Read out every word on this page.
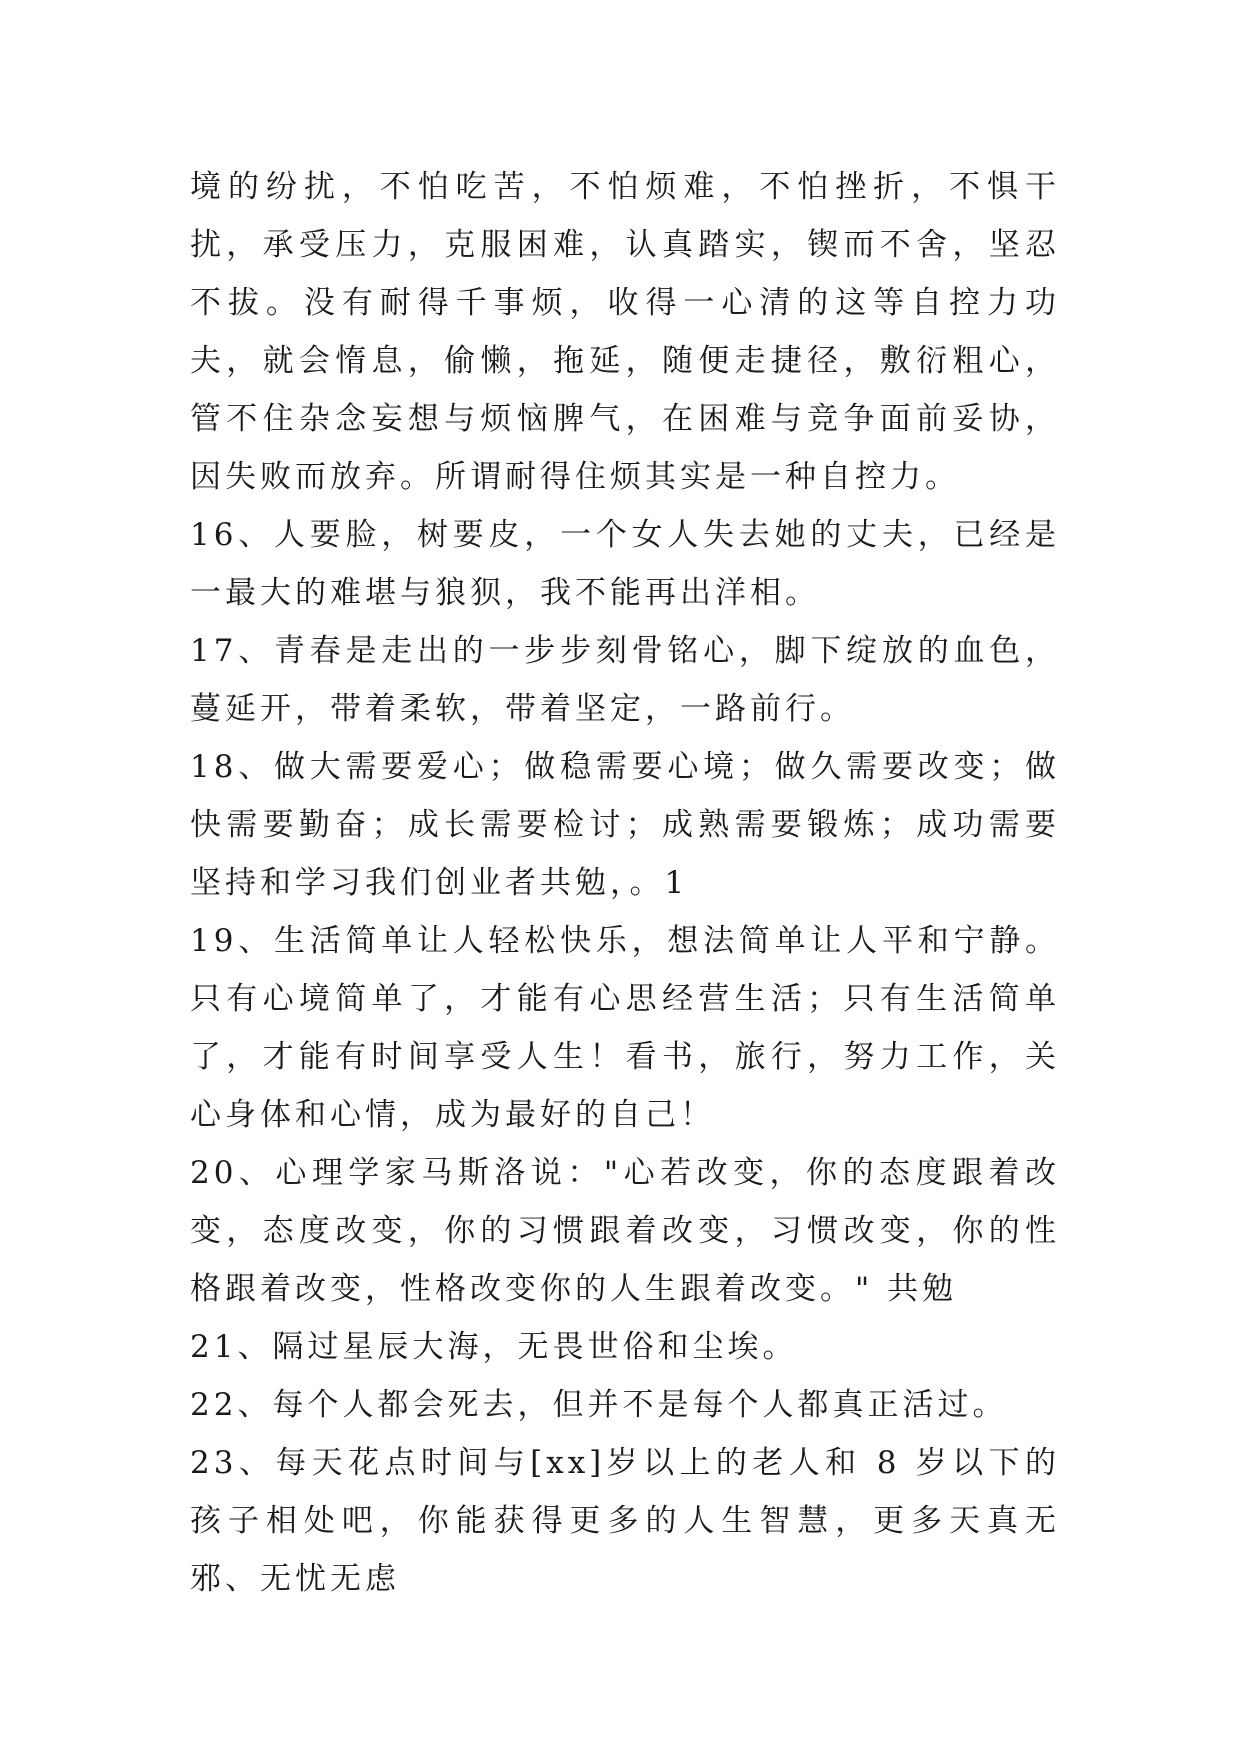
境的纷扰，不怕吃苦，不怕烦难，不怕挫折，不惧干扰，承受压力，克服困难，认真踏实，锲而不舍，坚忍不拔。没有耐得千事烦，收得一心清的这等自控力功夫，就会惰息，偷懒，拖延，随便走捷径，敷衍粗心，管不住杂念妄想与烦恼脾气，在困难与竞争面前妥协，因失败而放弃。所谓耐得住烦其实是一种自控力。

16、人要脸，树要皮，一个女人失去她的丈夫，已经是一最大的难堪与狼狈，我不能再出洋相。

17、青春是走出的一步步刻骨铭心，脚下绽放的血色，蔓延开，带着柔软，带着坚定，一路前行。

18、做大需要爱心；做稳需要心境；做久需要改变；做快需要勤奋；成长需要检讨；成熟需要锻炼；成功需要坚持和学习我们创业者共勉，。1

19、生活简单让人轻松快乐，想法简单让人平和宁静。只有心境简单了，才能有心思经营生活；只有生活简单了，才能有时间享受人生！看书，旅行，努力工作，关心身体和心情，成为最好的自己！

20、心理学家马斯洛说："心若改变，你的态度跟着改变，态度改变，你的习惯跟着改变，习惯改变，你的性格跟着改变，性格改变你的人生跟着改变。" 共勉

21、隔过星辰大海，无畏世俗和尘埃。

22、每个人都会死去，但并不是每个人都真正活过。

23、每天花点时间与[xx]岁以上的老人和 8 岁以下的孩子相处吧，你能获得更多的人生智慧，更多天真无邪、无忧无虑
